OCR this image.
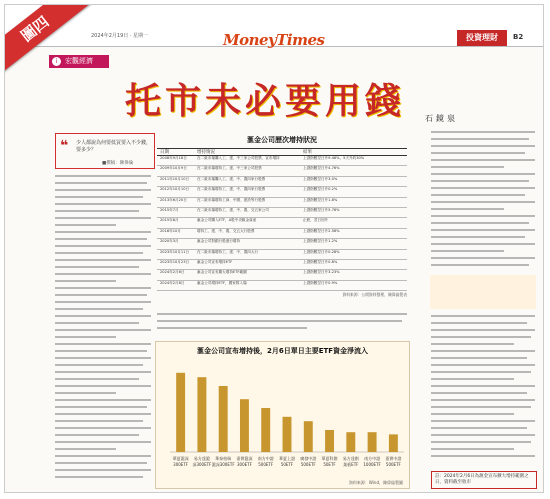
2024年2月19日 · 星期一	MoneyTimes	投資理財	B2
圖四
i	宏觀經濟
托市未必要用錢 石鏡泉
❝ 少人都說為何要低買要入不少錢，要多少？
■撰稿：陳偉倫
滙金公司歷次增持狀況
日期	增持情況	結果
2008年9月18日	在二級市場購入工、建、中三家公司股票，宣布增持	上證指數翌日升9.46%，5天升約30%
2009年10月9日	在二級市場增持工、建、中三家公司股票	上證指數翌日升4.76%
2011年10月10日	在二級市場購入工、建、中、農四家行股票	上證指數翌日升3.0%
2012年10月10日	在二級市場增持工、建、中、農四家行股票	上證指數翌日升0.2%
2013年6月20日	在二級市場增持工商、中國、建設等行股票	上證指數翌日升1.8%
2015年7月	在二級市場增持工、建、中、農、交五家公司	上證指數翌日升5.76%
2015年8月	滙金公司購入ETF，A股中央匯金資產	止跌，翌日回升
2018年10月	增持工、建、中、農、交五大行股票	上證指數翌日升2.58%
2020年3月	滙金公司對銀行股進行增持	上證指數翌日升1.2%
2023年10月11日	在二級市場增持工、建、中、農四大行	上證指數翌日升0.28%
2023年10月23日	滙金公司宣布增持ETF	上證指數翌日升0.8%
2024年2月6日	滙金公司宣布擴大增持ETF範圍	上證指數翌日升3.23%
2024年2月8日	滙金公司增持ETF，國家隊入場	上證指數翌日升0.9%
資料來源：公開資料整理，陳偉倫製表
滙金公司宣布增持後，2月6日單日主要ETF資金淨流入
華夏滬深
300ETF
易方達滬
深300ETF
華泰柏瑞
滬深300ETF
嘉實滬深
300ETF
南方中證
500ETF
華夏上證
50ETF
廣發中證
500ETF
華夏科創
50ETF
易方達創
業板ETF
南方中證
1000ETF
嘉實中證
500ETF
資料來源：Wind，陳偉倫製圖
註：2024年2月6日為滙金宣布擴大增持範圍之日，資料截至收市
